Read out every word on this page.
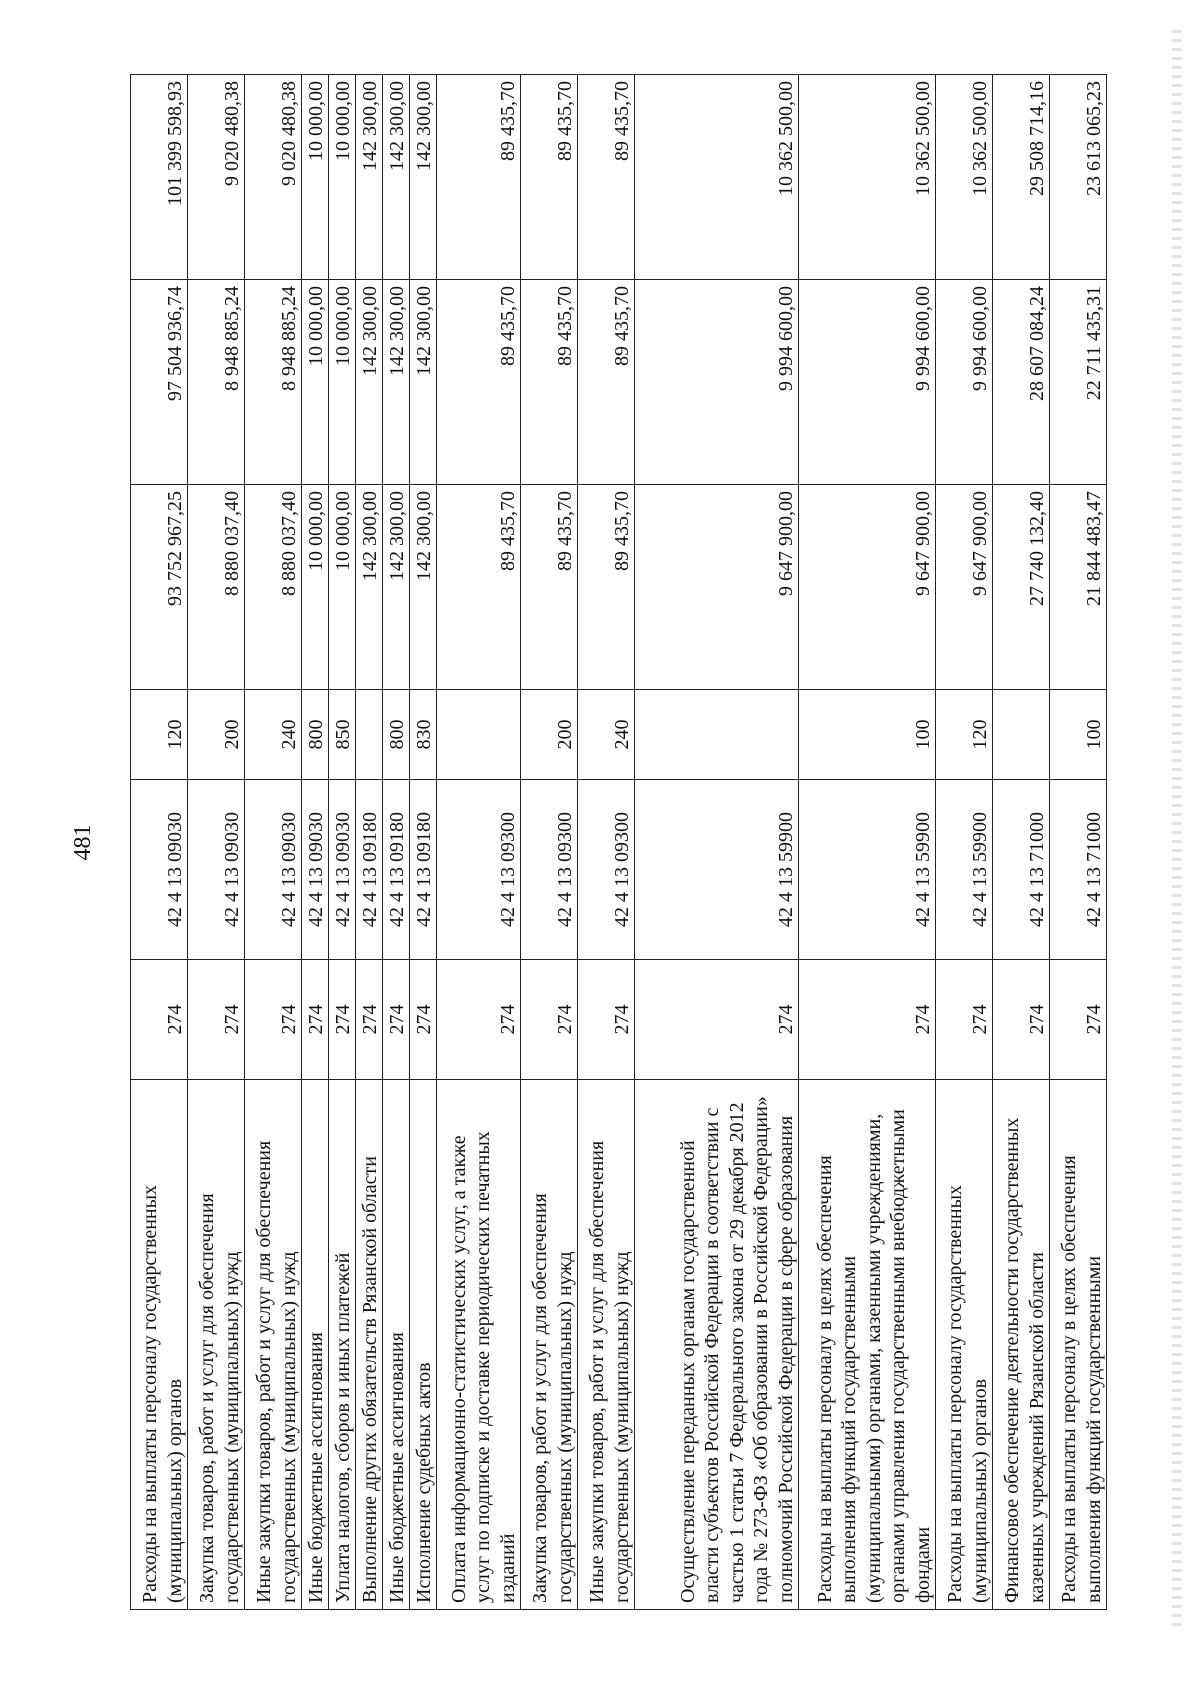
481
Расходы на выплаты персоналу государственных (муниципальных) органов	274	42 4 13 09030	120	93 752 967,25	97 504 936,74	101 399 598,93
Закупка товаров, работ и услуг для обеспечения государственных (муниципальных) нужд	274	42 4 13 09030	200	8 880 037,40	8 948 885,24	9 020 480,38
Иные закупки товаров, работ и услуг для обеспечения государственных (муниципальных) нужд	274	42 4 13 09030	240	8 880 037,40	8 948 885,24	9 020 480,38
Иные бюджетные ассигнования	274	42 4 13 09030	800	10 000,00	10 000,00	10 000,00
Уплата налогов, сборов и иных платежей	274	42 4 13 09030	850	10 000,00	10 000,00	10 000,00
Выполнение других обязательств Рязанской области	274	42 4 13 09180		142 300,00	142 300,00	142 300,00
Иные бюджетные ассигнования	274	42 4 13 09180	800	142 300,00	142 300,00	142 300,00
Исполнение судебных актов	274	42 4 13 09180	830	142 300,00	142 300,00	142 300,00
Оплата информационно-статистических услуг, а также услуг по подписке и доставке периодических печатных изданий	274	42 4 13 09300		89 435,70	89 435,70	89 435,70
Закупка товаров, работ и услуг для обеспечения государственных (муниципальных) нужд	274	42 4 13 09300	200	89 435,70	89 435,70	89 435,70
Иные закупки товаров, работ и услуг для обеспечения государственных (муниципальных) нужд	274	42 4 13 09300	240	89 435,70	89 435,70	89 435,70
Осуществление переданных органам государственной власти субъектов Российской Федерации в соответствии с частью 1 статьи 7 Федерального закона от 29 декабря 2012 года № 273-ФЗ «Об образовании в Российской Федерации» полномочий Российской Федерации в сфере образования	274	42 4 13 59900		9 647 900,00	9 994 600,00	10 362 500,00
Расходы на выплаты персоналу в целях обеспечения выполнения функций государственными (муниципальными) органами, казенными учреждениями, органами управления государственными внебюджетными фондами	274	42 4 13 59900	100	9 647 900,00	9 994 600,00	10 362 500,00
Расходы на выплаты персоналу государственных (муниципальных) органов	274	42 4 13 59900	120	9 647 900,00	9 994 600,00	10 362 500,00
Финансовое обеспечение деятельности государственных казенных учреждений Рязанской области	274	42 4 13 71000		27 740 132,40	28 607 084,24	29 508 714,16
Расходы на выплаты персоналу в целях обеспечения выполнения функций государственными	274	42 4 13 71000	100	21 844 483,47	22 711 435,31	23 613 065,23
